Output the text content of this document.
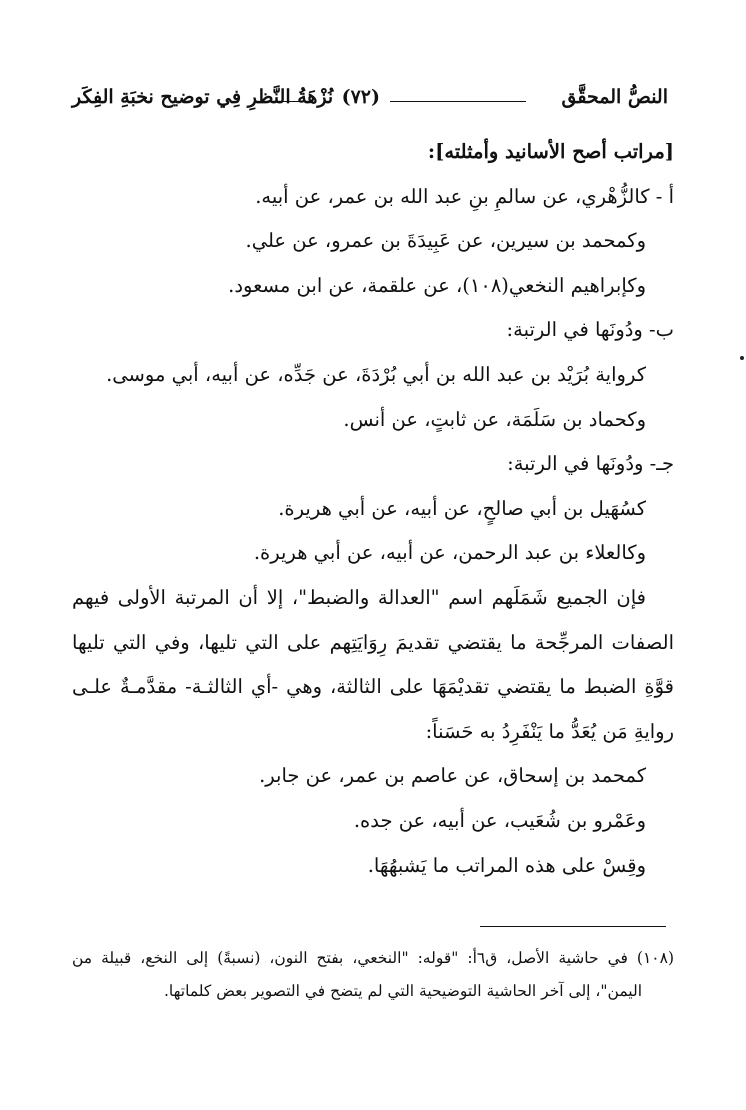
النصُّ المحقَّق
(٧٢)
نُزْهَةُ النَّظرِ فِي توضيح نخبَةِ الفِكَر
[مراتب أصح الأسانيد وأمثلته]:
أ - كالزُّهْري، عن سالمِ بنِ عبد الله بن عمر، عن أبيه.
وكمحمد بن سيرين، عن عَبِيدَةَ بن عمرو، عن علي.
وكإبراهيم النخعي(١٠٨)، عن علقمة، عن ابن مسعود.
ب- ودُونَها في الرتبة:
كرواية بُرَيْد بن عبد الله بن أبي بُرْدَةَ، عن جَدِّه، عن أبيه، أبي موسى.
وكحماد بن سَلَمَة، عن ثابتٍ، عن أنس.
جـ- ودُونَها في الرتبة:
كسُهَيل بن أبي صالحٍ، عن أبيه، عن أبي هريرة.
وكالعلاء بن عبد الرحمن، عن أبيه، عن أبي هريرة.
فإن الجميع شَمَلَهم اسم "العدالة والضبط"، إلا أن المرتبة الأولى فيهم
الصفات المرجِّحة ما يقتضي تقديمَ رِوَايَتِهم على التي تليها، وفي التي تليها
قوَّةِ الضبط ما يقتضي تقديْمَهَا على الثالثة، وهي -أي الثالثـة- مقدَّمـةٌ علـى
روايةِ مَن يُعَدُّ ما يَنْفَرِدُ به حَسَناً:
كمحمد بن إسحاق، عن عاصم بن عمر، عن جابر.
وعَمْرو بن شُعَيب، عن أبيه، عن جده.
وقِسْ على هذه المراتب ما يَشبهُهَا.
(١٠٨) في حاشية الأصل، ق٦أ: "قوله: "النخعي، بفتح النون، (نسبةً) إلى النخع، قبيلة من
اليمن"، إلى آخر الحاشية التوضيحية التي لم يتضح في التصوير بعض كلماتها.
